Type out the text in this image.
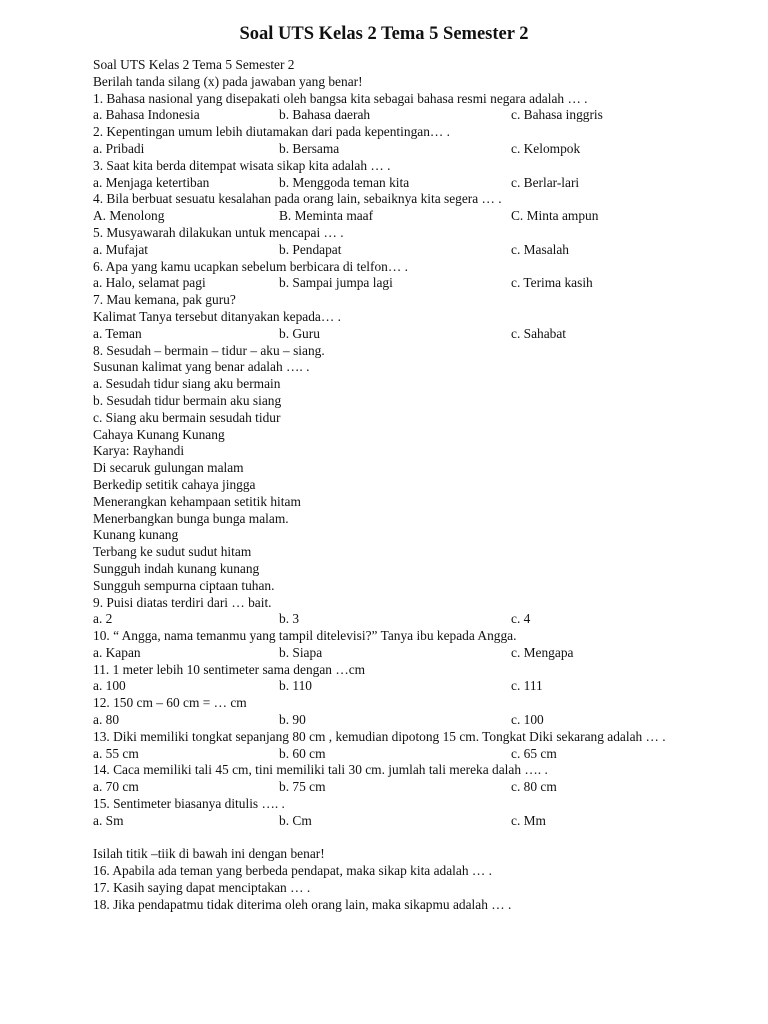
Soal UTS Kelas 2 Tema 5 Semester 2
Soal UTS Kelas 2 Tema 5 Semester 2
Berilah tanda silang (x) pada jawaban yang benar!
1. Bahasa nasional yang disepakati oleh bangsa kita sebagai bahasa resmi negara adalah … .
a. Bahasa Indonesia	b. Bahasa daerah	c. Bahasa inggris
2. Kepentingan umum lebih diutamakan dari pada kepentingan… .
a. Pribadi	b. Bersama	c. Kelompok
3. Saat kita berda ditempat wisata sikap kita adalah … .
a. Menjaga ketertiban	b. Menggoda teman kita	c. Berlar-lari
4. Bila berbuat sesuatu kesalahan pada orang lain, sebaiknya kita segera … .
A. Menolong	B. Meminta maaf	C. Minta ampun
5. Musyawarah dilakukan untuk mencapai … .
a. Mufajat	b. Pendapat	c. Masalah
6. Apa yang kamu ucapkan sebelum berbicara di telfon… .
a. Halo, selamat pagi	b. Sampai jumpa lagi	c. Terima kasih
7. Mau kemana, pak guru?
Kalimat Tanya tersebut ditanyakan kepada… .
a. Teman	b. Guru	c. Sahabat
8. Sesudah – bermain – tidur – aku – siang.
Susunan kalimat yang benar adalah …. .
a. Sesudah tidur siang aku bermain
b. Sesudah tidur bermain aku siang
c. Siang aku bermain sesudah tidur
Cahaya Kunang Kunang
Karya: Rayhandi
Di secaruk gulungan malam
Berkedip setitik cahaya jingga
Menerangkan kehampaan setitik hitam
Menerbangkan bunga bunga malam.
Kunang kunang
Terbang ke sudut sudut hitam
Sungguh indah kunang kunang
Sungguh sempurna ciptaan tuhan.
9. Puisi diatas terdiri dari … bait.
a. 2	b. 3	c. 4
10. “ Angga, nama temanmu yang tampil ditelevisi?” Tanya ibu kepada Angga.
a. Kapan	b. Siapa	c. Mengapa
11. 1 meter lebih 10 sentimeter sama dengan …cm
a. 100	b. 110	c. 111
12. 150 cm – 60 cm = … cm
a. 80	b. 90	c. 100
13. Diki memiliki tongkat sepanjang 80 cm , kemudian dipotong 15 cm. Tongkat Diki sekarang adalah … .
a. 55 cm	b. 60 cm	c. 65 cm
14. Caca memiliki tali 45 cm, tini memiliki tali 30 cm. jumlah tali mereka dalah …. .
a. 70 cm	b. 75 cm	c. 80 cm
15. Sentimeter biasanya ditulis …. .
a. Sm	b. Cm	c. Mm
Isilah titik –tiik di bawah ini dengan benar!
16. Apabila ada teman yang berbeda pendapat, maka sikap kita adalah … .
17. Kasih saying dapat menciptakan … .
18. Jika pendapatmu tidak diterima oleh orang lain, maka sikapmu adalah … .
